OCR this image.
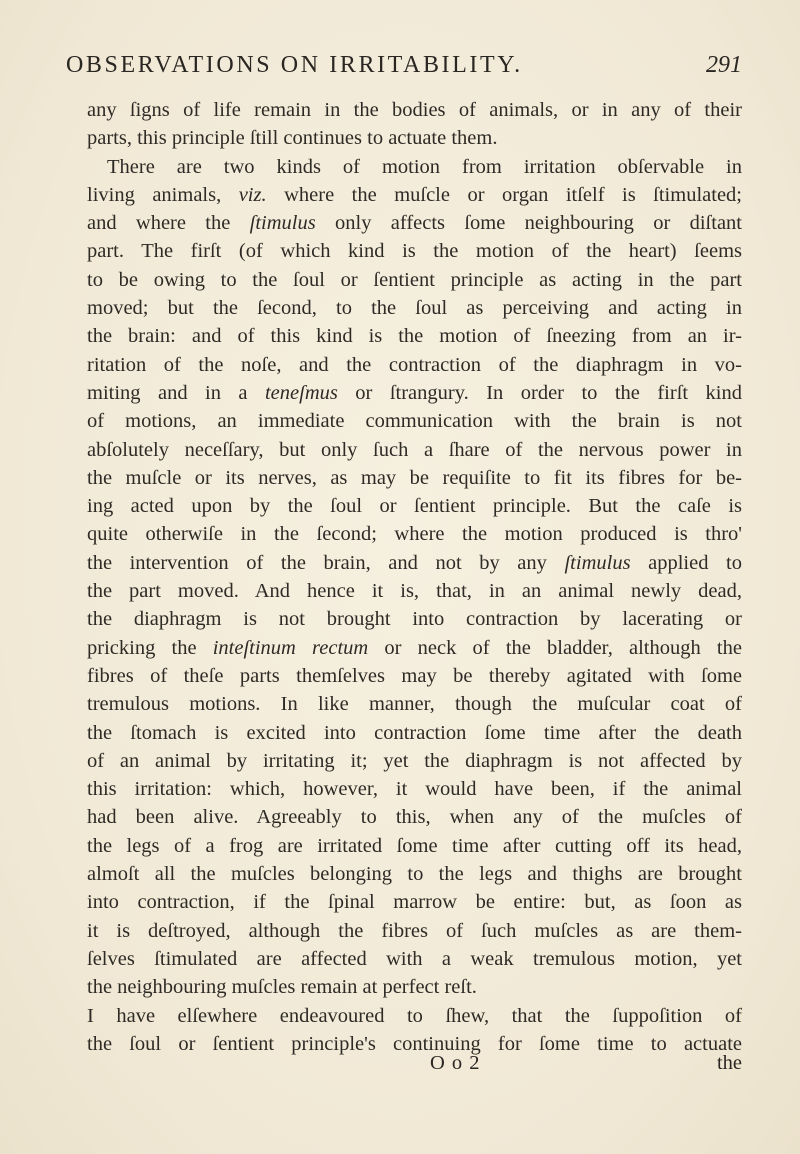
OBSERVATIONS ON IRRITABILITY.	291
any ſigns of life remain in the bodies of animals, or in any of their
parts, this principle ſtill continues to actuate them.
There are two kinds of motion from irritation obſervable in
living animals, viz. where the muſcle or organ itſelf is ſtimulated;
and where the ſtimulus only affects ſome neighbouring or diſtant
part. The firſt (of which kind is the motion of the heart) ſeems
to be owing to the ſoul or ſentient principle as acting in the part
moved; but the ſecond, to the ſoul as perceiving and acting in
the brain: and of this kind is the motion of ſneezing from an ir-
ritation of the noſe, and the contraction of the diaphragm in vo-
miting and in a teneſmus or ſtrangury. In order to the firſt kind
of motions, an immediate communication with the brain is not
abſolutely neceſſary, but only ſuch a ſhare of the nervous power in
the muſcle or its nerves, as may be requiſite to fit its fibres for be-
ing acted upon by the ſoul or ſentient principle. But the caſe is
quite otherwiſe in the ſecond; where the motion produced is thro'
the intervention of the brain, and not by any ſtimulus applied to
the part moved. And hence it is, that, in an animal newly dead,
the diaphragm is not brought into contraction by lacerating or
pricking the inteſtinum rectum or neck of the bladder, although the
fibres of theſe parts themſelves may be thereby agitated with ſome
tremulous motions. In like manner, though the muſcular coat of
the ſtomach is excited into contraction ſome time after the death
of an animal by irritating it; yet the diaphragm is not affected by
this irritation: which, however, it would have been, if the animal
had been alive. Agreeably to this, when any of the muſcles of
the legs of a frog are irritated ſome time after cutting off its head,
almoſt all the muſcles belonging to the legs and thighs are brought
into contraction, if the ſpinal marrow be entire: but, as ſoon as
it is deſtroyed, although the fibres of ſuch muſcles as are them-
ſelves ſtimulated are affected with a weak tremulous motion, yet
the neighbouring muſcles remain at perfect reſt.
I have elſewhere endeavoured to ſhew, that the ſuppoſition of
the ſoul or ſentient principle's continuing for ſome time to actuate
O o 2	the
